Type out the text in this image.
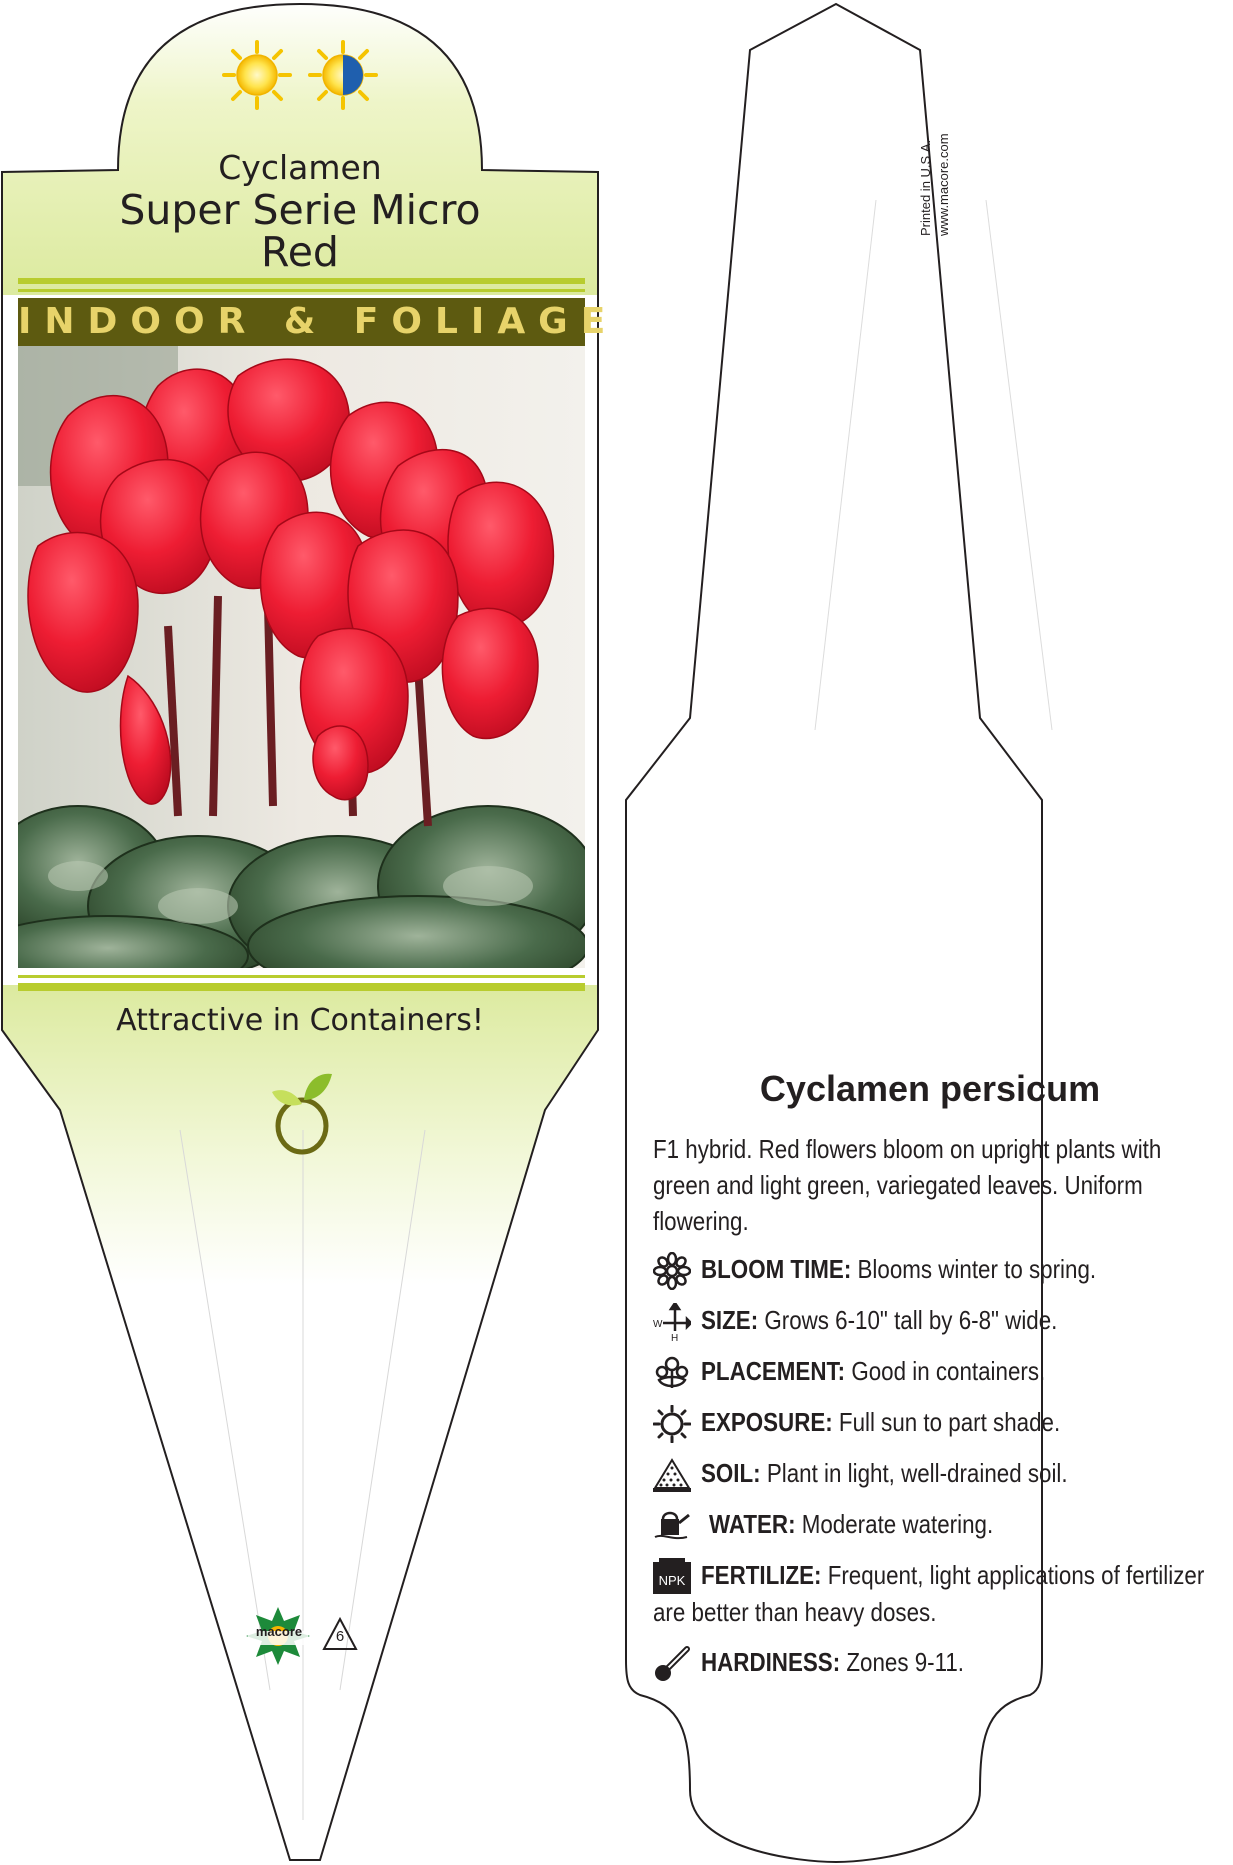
Cyclamen
Super Serie Micro
Red
INDOOR & FOLIAGE
Attractive in Containers!
macore	6
Printed in U.S.A. www.macore.com
Cyclamen persicum
F1 hybrid. Red flowers bloom on upright plants with green and light green, variegated leaves. Uniform flowering.
BLOOM TIME: Blooms winter to spring.
W
H
SIZE: Grows 6-10" tall by 6-8" wide.
PLACEMENT: Good in containers.
EXPOSURE: Full sun to part shade.
SOIL: Plant in light, well-drained soil.
WATER: Moderate watering.
NPK FERTILIZE: Frequent, light applications of fertilizer
are better than heavy doses.
HARDINESS: Zones 9-11.
